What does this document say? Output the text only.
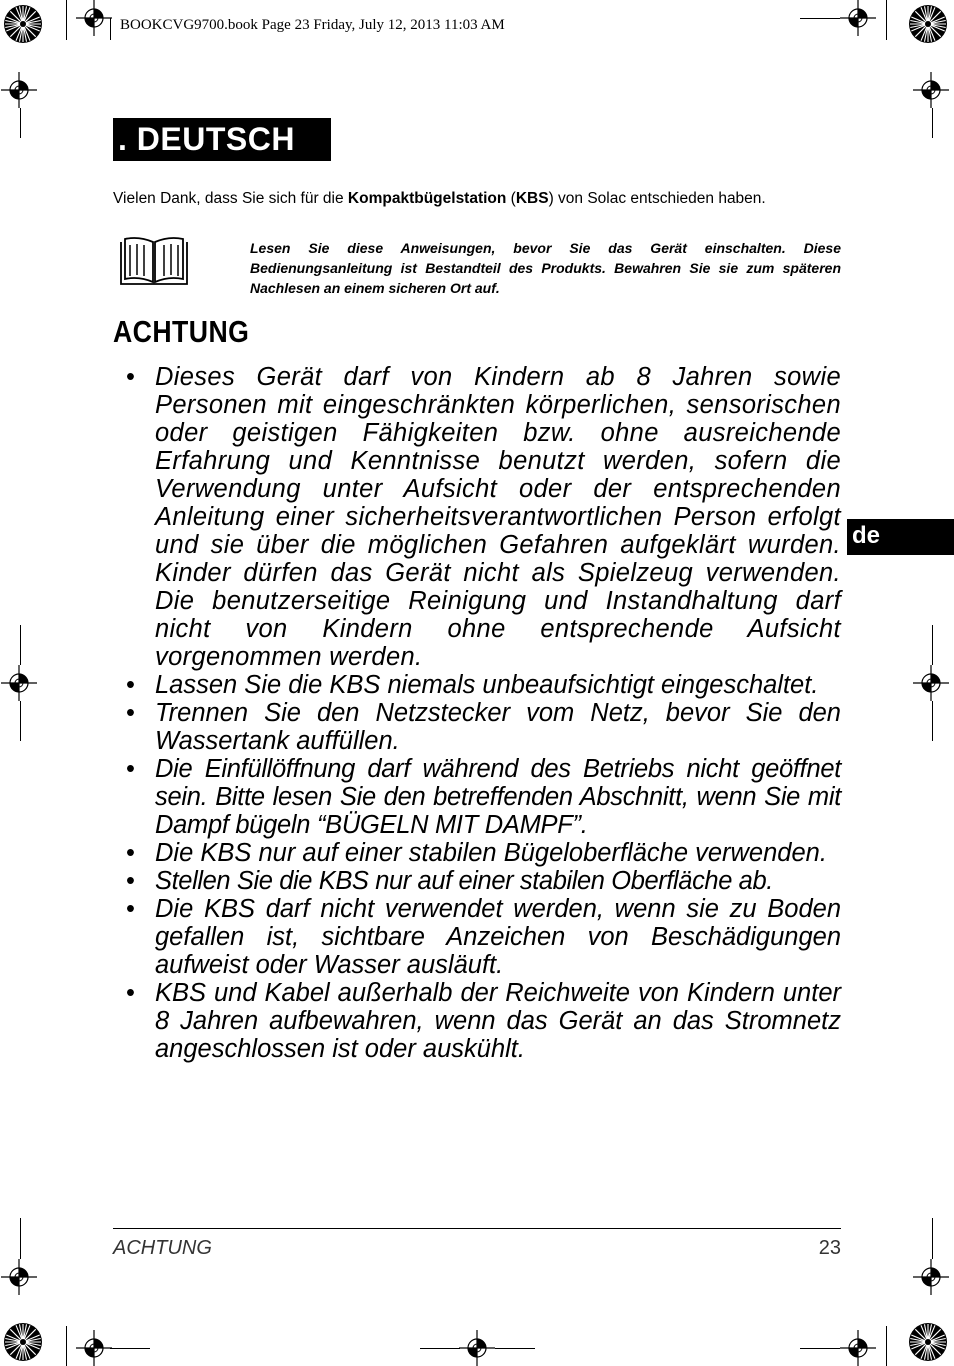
BOOKCVG9700.book Page 23 Friday, July 12, 2013 11:03 AM
. DEUTSCH
Vielen Dank, dass Sie sich für die Kompaktbügelstation (KBS) von Solac entschieden haben.
Lesen Sie diese Anweisungen, bevor Sie das Gerät einschalten. Diese Bedienungsanleitung ist Bestandteil des Produkts. Bewahren Sie sie zum späteren Nachlesen an einem sicheren Ort auf.
ACHTUNG
de
• Dieses Gerät darf von Kindern ab 8 Jahren sowie Personen mit eingeschränkten körperlichen, sensorischen oder geistigen Fähigkeiten bzw. ohne ausreichende Erfahrung und Kenntnisse benutzt werden, sofern die Verwendung unter Aufsicht oder der entsprechenden Anleitung einer sicherheitsverantwortlichen Person erfolgt und sie über die möglichen Gefahren aufgeklärt wurden. Kinder dürfen das Gerät nicht als Spielzeug verwenden. Die benutzerseitige Reinigung und Instandhaltung darf nicht von Kindern ohne entsprechende Aufsicht vorgenommen werden.
• Lassen Sie die KBS niemals unbeaufsichtigt eingeschaltet.
• Trennen Sie den Netzstecker vom Netz, bevor Sie den Wassertank auffüllen.
• Die Einfüllöffnung darf während des Betriebs nicht geöffnet sein. Bitte lesen Sie den betreffenden Abschnitt, wenn Sie mit Dampf bügeln “BÜGELN MIT DAMPF”.
• Die KBS nur auf einer stabilen Bügeloberfläche verwenden.
• Stellen Sie die KBS nur auf einer stabilen Oberfläche ab.
• Die KBS darf nicht verwendet werden, wenn sie zu Boden gefallen ist, sichtbare Anzeichen von Beschädigungen aufweist oder Wasser ausläuft.
• KBS und Kabel außerhalb der Reichweite von Kindern unter 8 Jahren aufbewahren, wenn das Gerät an das Stromnetz angeschlossen ist oder auskühlt.
ACHTUNG	23
